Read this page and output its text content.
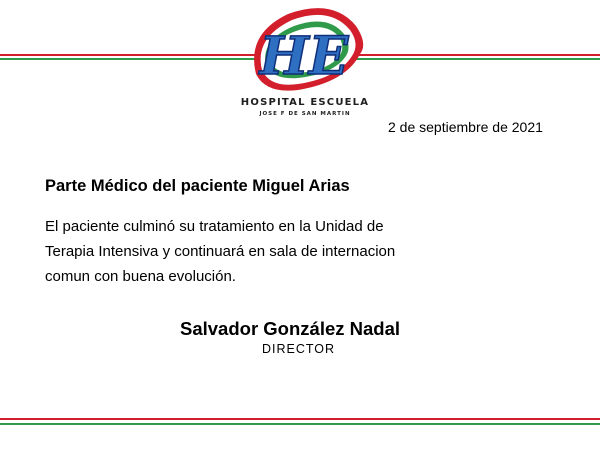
HE
HOSPITAL ESCUELA
JOSE F DE SAN MARTIN
2 de septiembre de 2021
Parte Médico del paciente Miguel Arias
El paciente culminó su tratamiento en la Unidad de
Terapia Intensiva y continuará en sala de internacion
comun con buena evolución.
Salvador González Nadal
DIRECTOR
